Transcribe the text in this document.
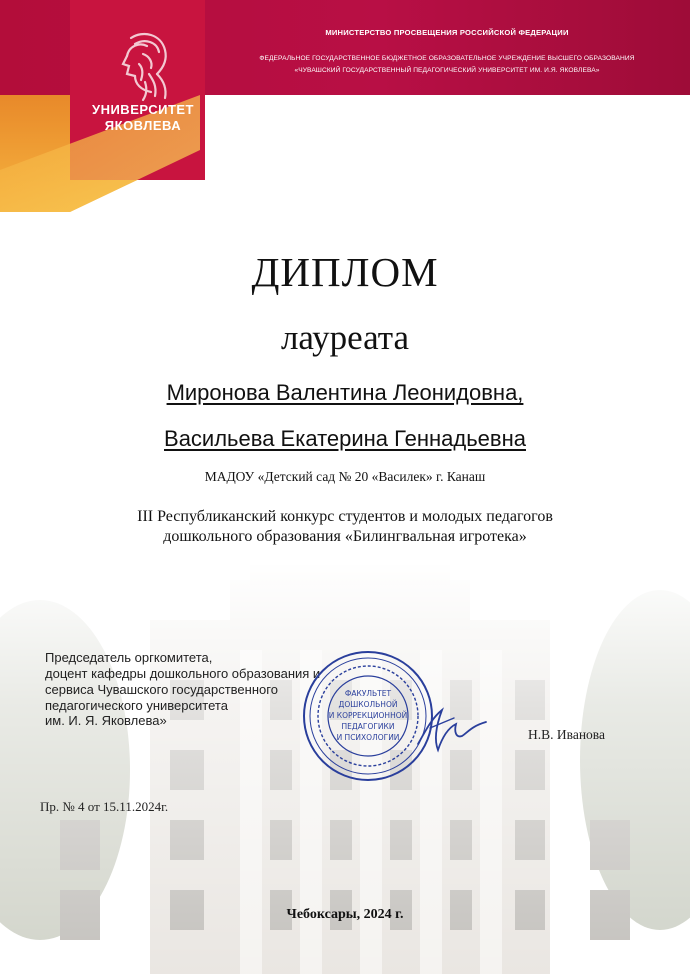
УНИВЕРСИТЕТ
ЯКОВЛЕВА
МИНИСТЕРСТВО ПРОСВЕЩЕНИЯ РОССИЙСКОЙ ФЕДЕРАЦИИ
ФЕДЕРАЛЬНОЕ ГОСУДАРСТВЕННОЕ БЮДЖЕТНОЕ ОБРАЗОВАТЕЛЬНОЕ УЧРЕЖДЕНИЕ ВЫСШЕГО ОБРАЗОВАНИЯ
«ЧУВАШСКИЙ ГОСУДАРСТВЕННЫЙ ПЕДАГОГИЧЕСКИЙ УНИВЕРСИТЕТ ИМ. И.Я. ЯКОВЛЕВА»
ДИПЛОМ
лауреата
Миронова Валентина Леонидовна,
Васильева Екатерина Геннадьевна
МАДОУ «Детский сад № 20 «Василек» г. Канаш
III Республиканский конкурс студентов и молодых педагогов
дошкольного образования «Билингвальная игротека»
Председатель оргкомитета,
доцент кафедры дошкольного образования и
сервиса Чувашского государственного
педагогического университета
им. И. Я. Яковлева»
ФАКУЛЬТЕТ
ДОШКОЛЬНОЙ
И КОРРЕКЦИОННОЙ
ПЕДАГОГИКИ
И ПСИХОЛОГИИ	Н.В. Иванова
Пр. № 4 от 15.11.2024г.
Чебоксары, 2024 г.
